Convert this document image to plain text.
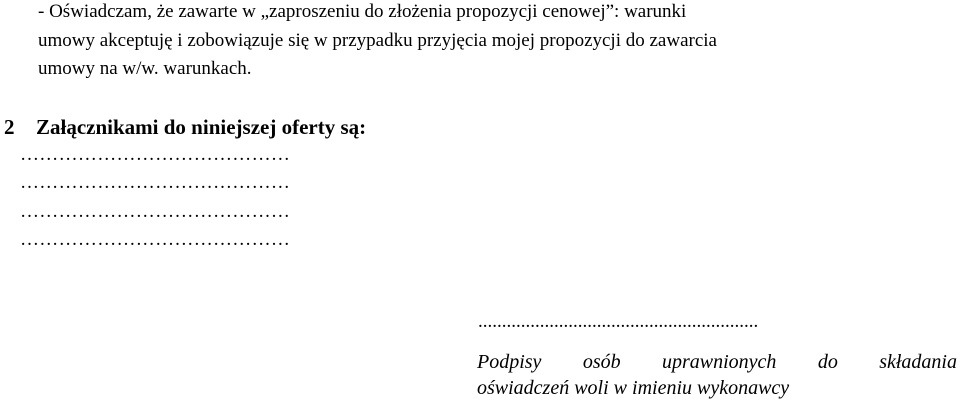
- Oświadczam, że zawarte w „zaproszeniu do złożenia propozycji cenowej”: warunki
umowy akceptuję i zobowiązuje się w przypadku przyjęcia mojej propozycji do zawarcia
umowy na w/w. warunkach.
2 Załącznikami do niniejszej oferty są:
……………………………………
……………………………………
……………………………………
……………………………………
...........................................................
Podpisy osób uprawnionych do składania
oświadczeń woli w imieniu wykonawcy
